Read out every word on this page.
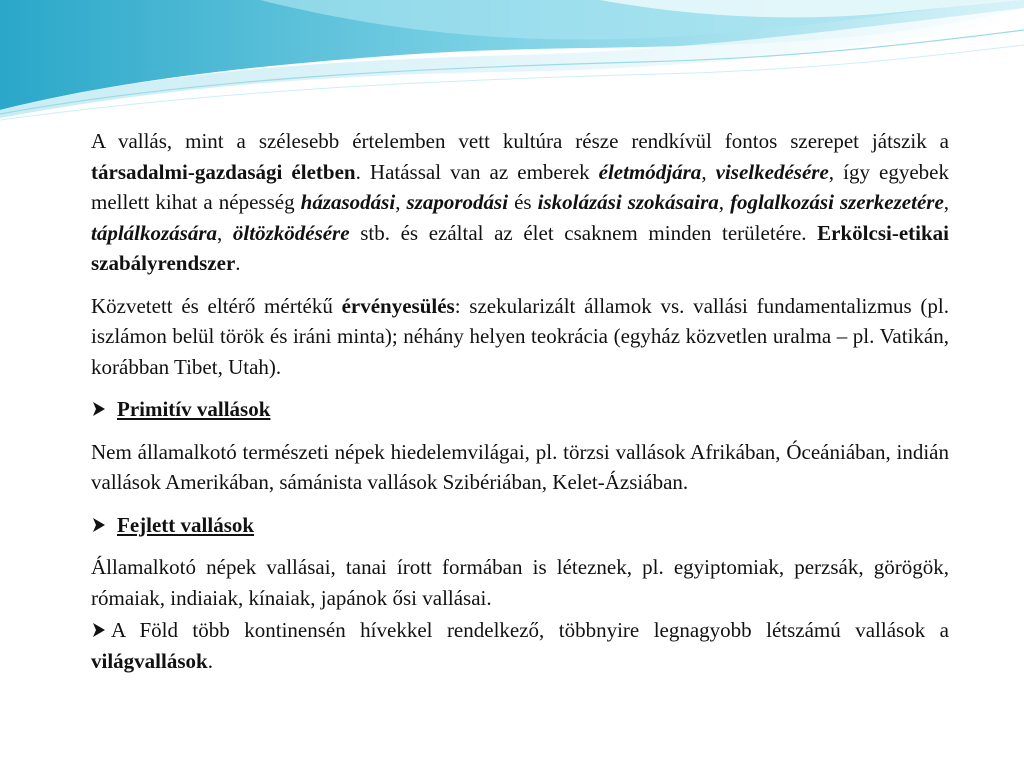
A vallás, mint a szélesebb értelemben vett kultúra része rendkívül fontos szerepet játszik a társadalmi-gazdasági életben. Hatással van az emberek életmódjára, viselkedésére, így egyebek mellett kihat a népesség házasodási, szaporodási és iskolázási szokásaira, foglalkozási szerkezetére, táplálkozására, öltözködésére stb. és ezáltal az élet csaknem minden területére. Erkölcsi-etikai szabályrendszer.

Közvetett és eltérő mértékű érvényesülés: szekularizált államok vs. vallási fundamentalizmus (pl. iszlámon belül török és iráni minta); néhány helyen teokrácia (egyház közvetlen uralma – pl. Vatikán, korábban Tibet, Utah).

Primitív vallások

Nem államalkotó természeti népek hiedelemvilágai, pl. törzsi vallások Afrikában, Óceániában, indián vallások Amerikában, sámánista vallások Szibériában, Kelet-Ázsiában.

Fejlett vallások

Államalkotó népek vallásai, tanai írott formában is léteznek, pl. egyiptomiak, perzsák, görögök, rómaiak, indiaiak, kínaiak, japánok ősi vallásai.

A Föld több kontinensén hívekkel rendelkező, többnyire legnagyobb létszámú vallások a világvallások.
